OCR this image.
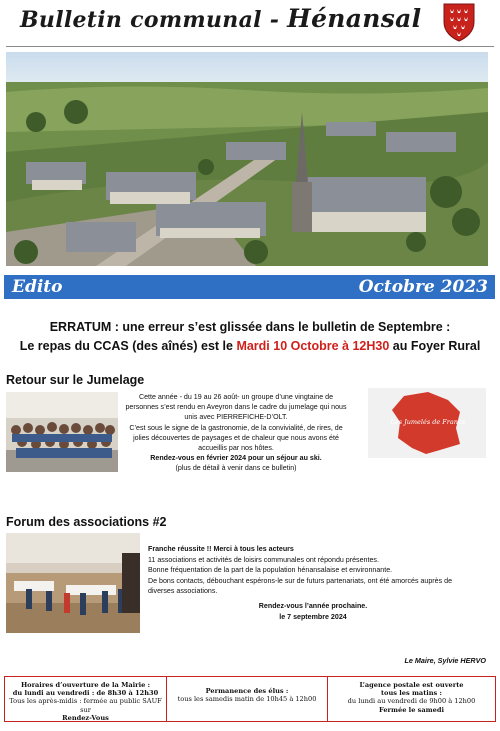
Bulletin communal - Hénansal
Edito	Octobre 2023
ERRATUM : une erreur s’est glissée dans le bulletin de Septembre :
Le repas du CCAS (des aînés) est le Mardi 10 Octobre à 12H30 au Foyer Rural
Retour sur le Jumelage
Cette année - du 19 au 26 août- un groupe d’une vingtaine de personnes s’est rendu en Aveyron dans le cadre du jumelage qui nous unis avec PIERREFICHE-D’OLT.
C’est sous le signe de la gastronomie, de la convivialité, de rires, de jolies découvertes de paysages et de chaleur que nous avons été accueillis par nos hôtes.
Rendez-vous en février 2024 pour un séjour au ski.
(plus de détail à venir dans ce bulletin)
Les Jumelés de France
Forum des associations #2
Franche réussite !! Merci à tous les acteurs
11 associations et activités de loisirs communales ont répondu présentes.
Bonne fréquentation de la part de la population hénansalaise et environnante.
De bons contacts, débouchant espérons-le sur de futurs partenariats, ont été amorcés auprès de diverses associations.
Rendez-vous l’année prochaine.
le 7 septembre 2024
Le Maire, Sylvie HERVO
Horaires d’ouverture de la Mairie :
du lundi au vendredi : de 8h30 à 12h30
Tous les après-midis : fermée au public SAUF sur
Rendez-Vous
Permanence des élus :
tous les samedis matin de 10h45 à 12h00
L’agence postale est ouverte
tous les matins :
du lundi au vendredi de 9h00 à 12h00
Fermée le samedi
